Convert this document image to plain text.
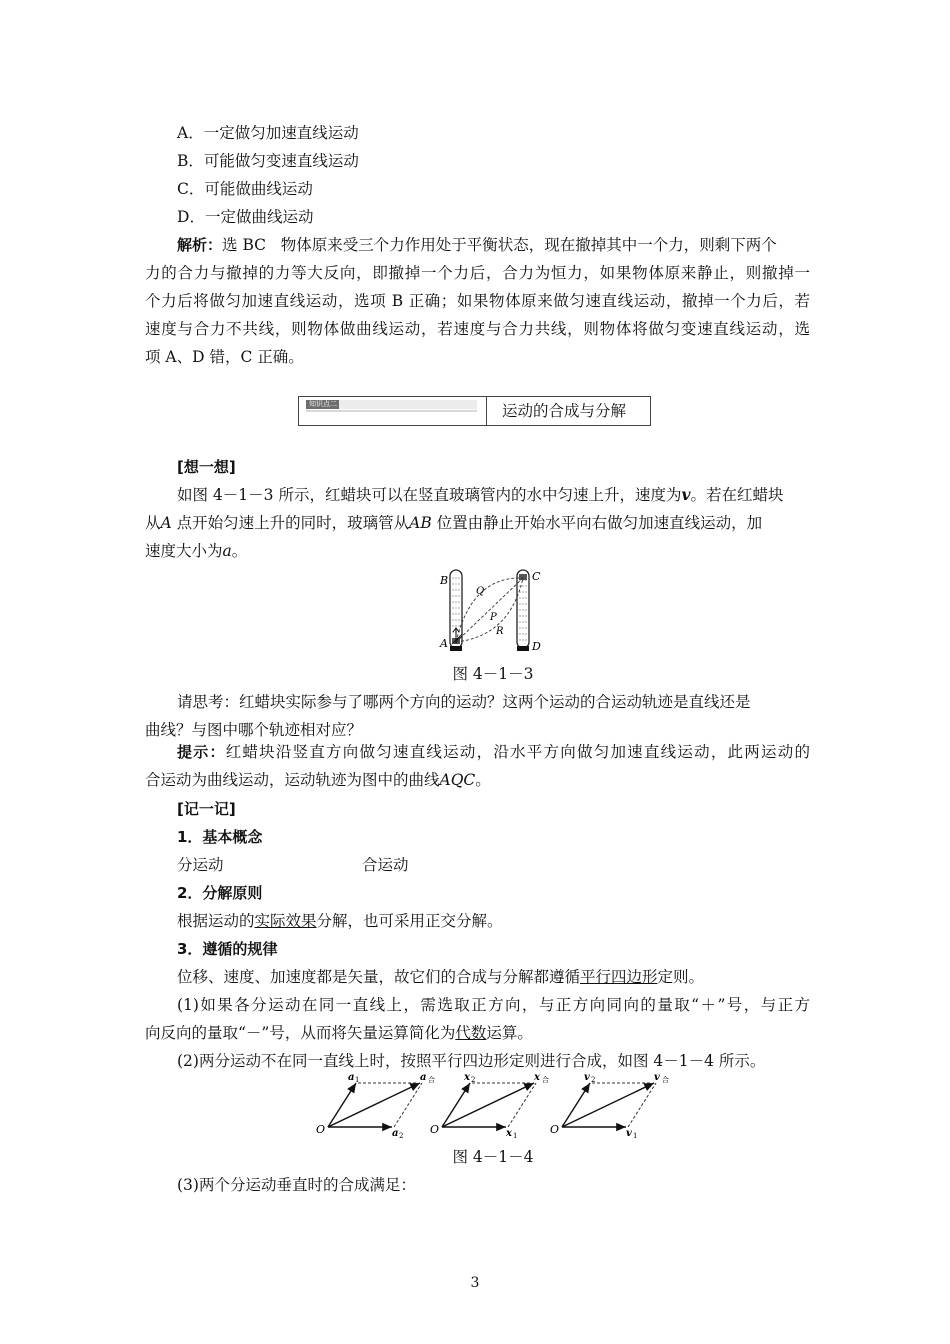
A．一定做匀加速直线运动
B．可能做匀变速直线运动
C．可能做曲线运动
D．一定做曲线运动
解析：选 BC 物体原来受三个力作用处于平衡状态，现在撤掉其中一个力，则剩下两个
力的合力与撤掉的力等大反向，即撤掉一个力后，合力为恒力，如果物体原来静止，则撤掉一
个力后将做匀加速直线运动，选项 B 正确；如果物体原来做匀速直线运动，撤掉一个力后，若
速度与合力不共线，则物体做曲线运动，若速度与合力共线，则物体将做匀变速直线运动，选
项 A、D 错，C 正确。
知识点二	运动的合成与分解
[想一想]
如图 4－1－3 所示，红蜡块可以在竖直玻璃管内的水中匀速上升，速度为v。若在红蜡块
从A 点开始匀速上升的同时，玻璃管从AB 位置由静止开始水平向右做匀加速直线运动，加
速度大小为a。
B
A
C
D
Q
P
R
图 4－1－3
请思考：红蜡块实际参与了哪两个方向的运动？这两个运动的合运动轨迹是直线还是
曲线？与图中哪个轨迹相对应？
提示：红蜡块沿竖直方向做匀速直线运动，沿水平方向做匀加速直线运动，此两运动的
合运动为曲线运动，运动轨迹为图中的曲线AQC。
[记一记]
1．基本概念
分运动	合运动
2．分解原则
根据运动的实际效果分解，也可采用正交分解。
3．遵循的规律
位移、速度、加速度都是矢量，故它们的合成与分解都遵循平行四边形定则。
(1)如果各分运动在同一直线上，需选取正方向，与正方向同向的量取“＋”号，与正方
向反向的量取“－”号，从而将矢量运算简化为代数运算。
(2)两分运动不在同一直线上时，按照平行四边形定则进行合成，如图 4－1－4 所示。
O
a 1
a 2
a 合
O
x 2
x 1
x 合
O
v 2
v 1
v 合
图 4－1－4
(3)两个分运动垂直时的合成满足：
3
